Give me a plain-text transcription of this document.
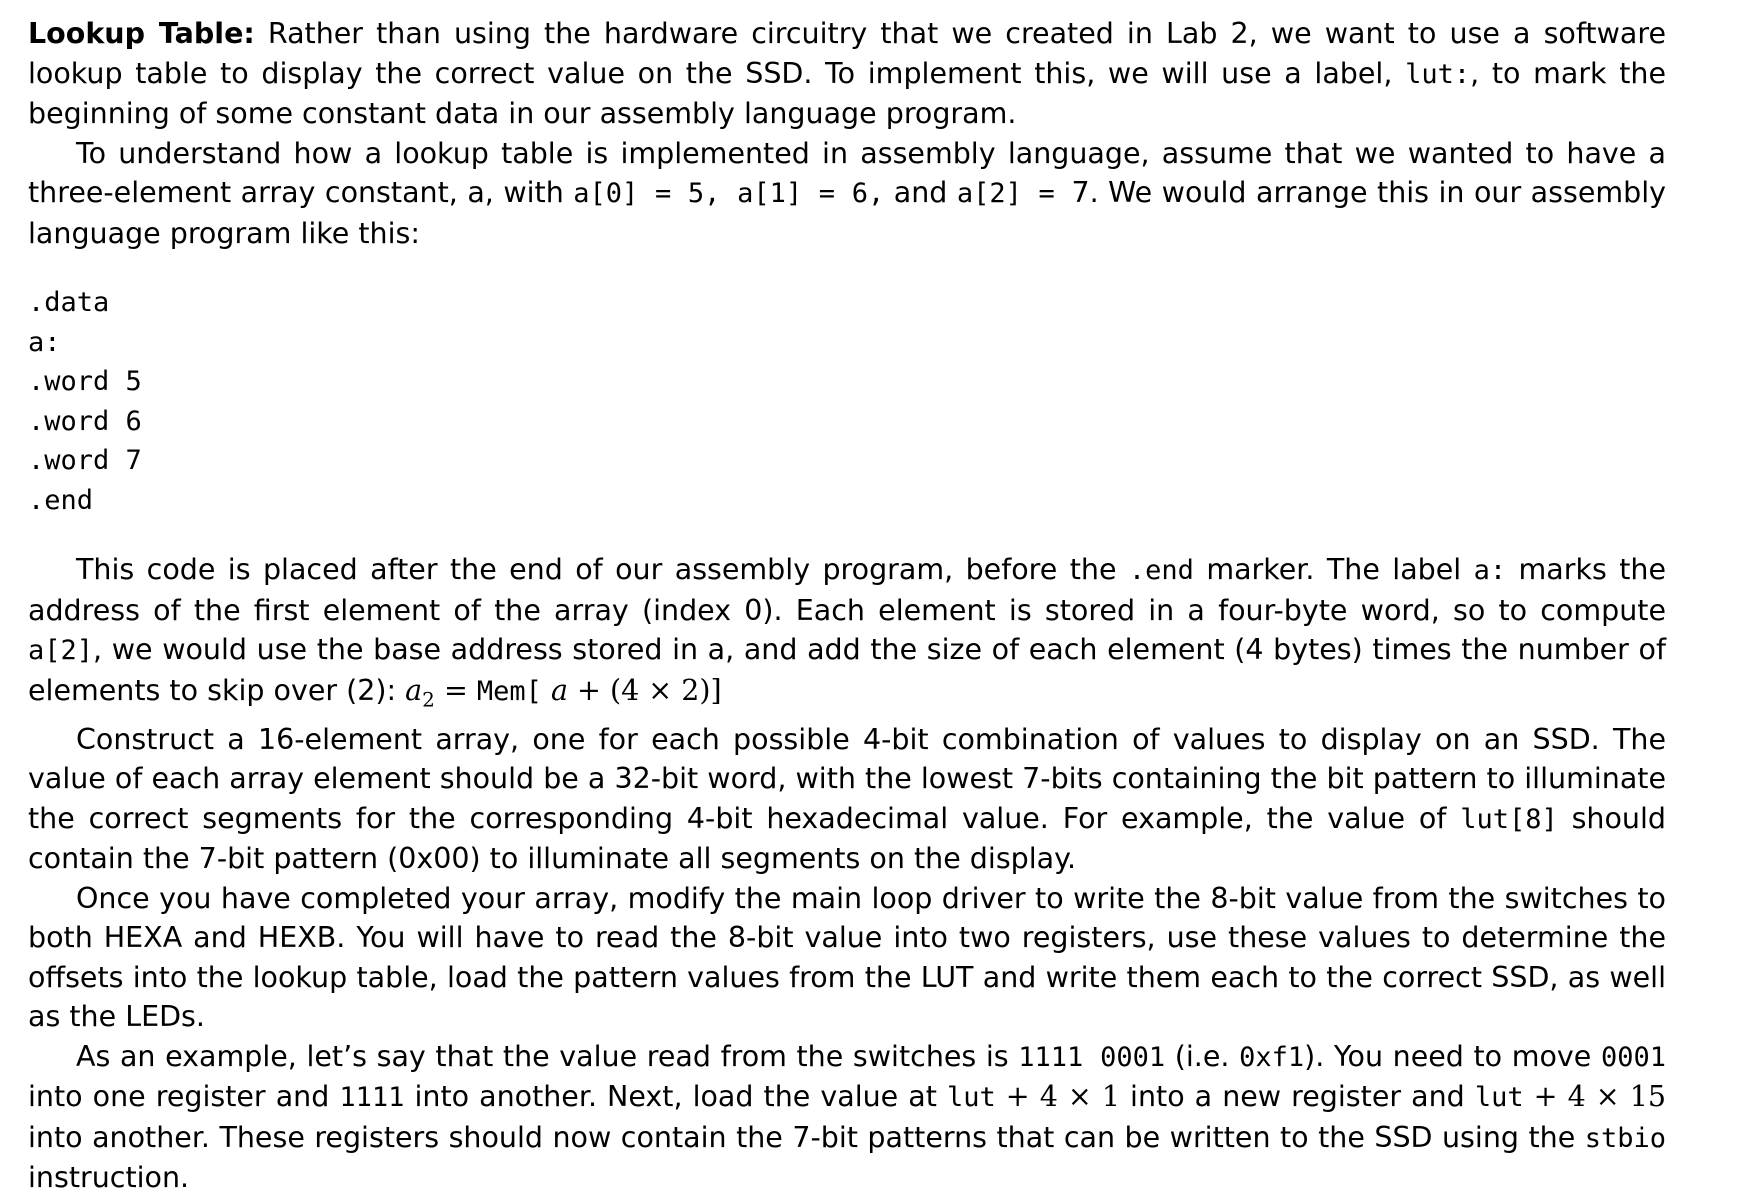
Lookup Table: Rather than using the hardware circuitry that we created in Lab 2, we want to use a software lookup table to display the correct value on the SSD. To implement this, we will use a label, lut:, to mark the beginning of some constant data in our assembly language program.

To understand how a lookup table is implemented in assembly language, assume that we wanted to have a three-element array constant, a, with a[0] = 5, a[1] = 6, and a[2] = 7. We would arrange this in our assembly language program like this:

.data
a:
.word 5
.word 6
.word 7
.end

This code is placed after the end of our assembly program, before the .end marker. The label a: marks the address of the first element of the array (index 0). Each element is stored in a four-byte word, so to compute a[2], we would use the base address stored in a, and add the size of each element (4 bytes) times the number of elements to skip over (2): $a_2 = Mem$[ a + (4 × 2)]

Construct a 16-element array, one for each possible 4-bit combination of values to display on an SSD. The value of each array element should be a 32-bit word, with the lowest 7-bits containing the bit pattern to illuminate the correct segments for the corresponding 4-bit hexadecimal value. For example, the value of lut[8] should contain the 7-bit pattern (0x00) to illuminate all segments on the display.

Once you have completed your array, modify the main loop driver to write the 8-bit value from the switches to both HEXA and HEXB. You will have to read the 8-bit value into two registers, use these values to determine the offsets into the lookup table, load the pattern values from the LUT and write them each to the correct SSD, as well as the LEDs.

As an example, let’s say that the value read from the switches is 1111 0001 (i.e. 0xf1). You need to move 0001 into one register and 1111 into another. Next, load the value at lut + 4 × 1 into a new register and lut + 4 × 15 into another. These registers should now contain the 7-bit patterns that can be written to the SSD using the stbio instruction.
